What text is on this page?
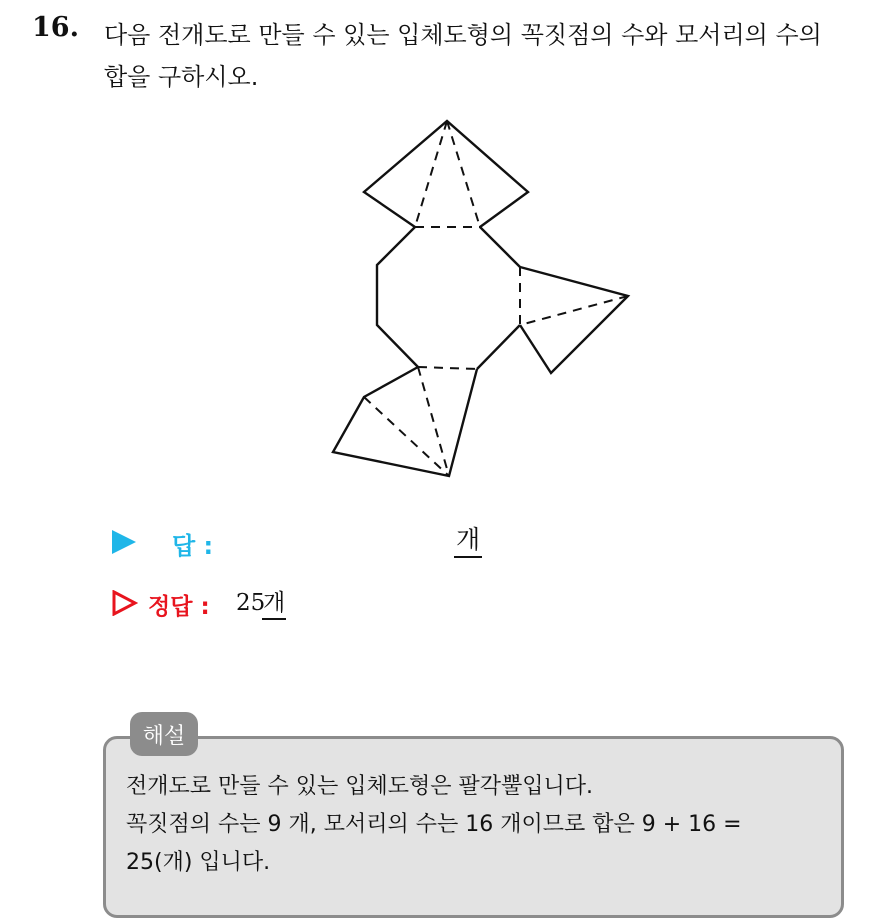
16. 다음 전개도로 만들 수 있는 입체도형의 꼭짓점의 수와 모서리의 수의
합을 구하시오.
답 :	개
정답 : 25
개
해설
전개도로 만들 수 있는 입체도형은 팔각뿔입니다.
꼭짓점의 수는 9 개, 모서리의 수는 16 개이므로 합은 9 + 16 =
25(개) 입니다.
